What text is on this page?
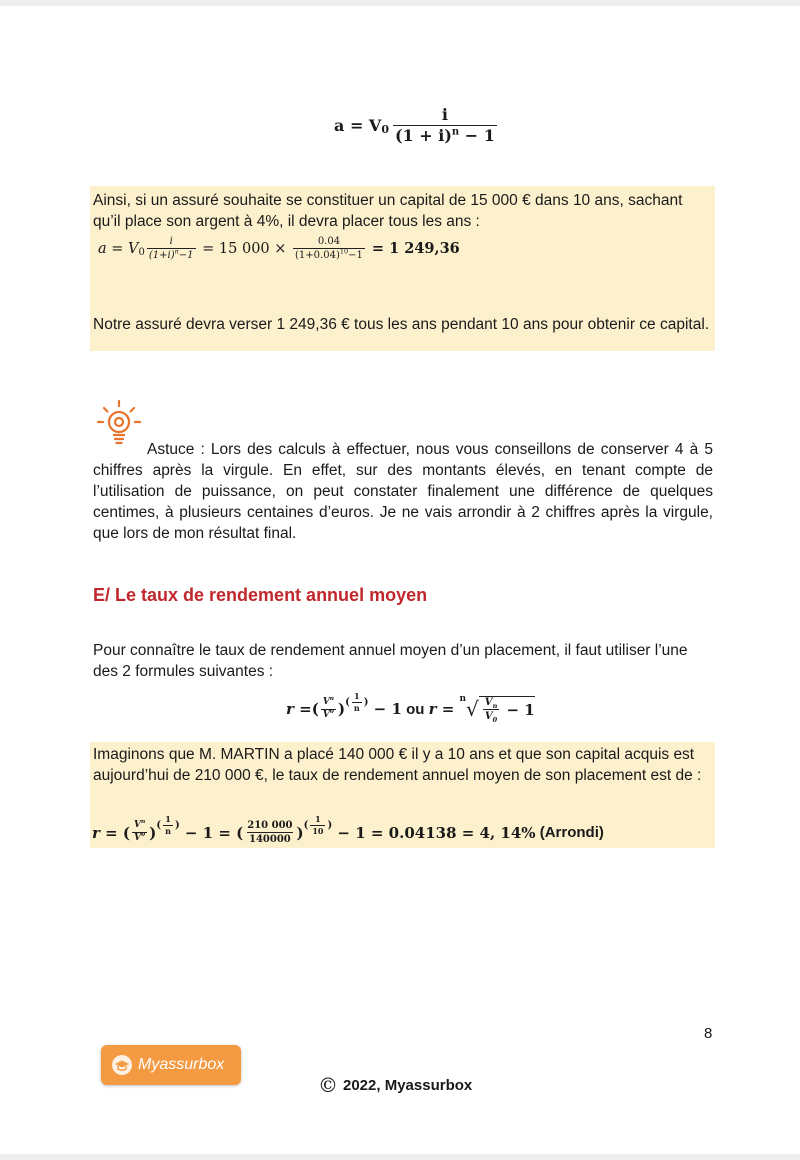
$a = V_0 \frac{i}{(1 + i)^n - 1}$
Ainsi, si un assuré souhaite se constituer un capital de 15 000 € dans 10 ans, sachant qu’il place son argent à 4%, il devra placer tous les ans :
$a = V_0 \frac{i}{(1+i)^n-1} = 15$ $000 \times \frac{0.04}{(1+0.04)^{10}-1} = 1$ 249,36
Notre assuré devra verser 1 249,36 € tous les ans pendant 10 ans pour obtenir ce capital.
Astuce : Lors des calculs à effectuer, nous vous conseillons de conserver 4 à 5 chiffres après la virgule. En effet, sur des montants élevés, en tenant compte de l’utilisation de puissance, on peut constater finalement une différence de quelques centimes, à plusieurs centaines d’euros. Je ne vais arrondir à 2 chiffres après la virgule, que lors de mon résultat final.
E/ Le taux de rendement annuel moyen
Pour connaître le taux de rendement annuel moyen d’un placement, il faut utiliser l’une des 2 formules suivantes :
r = ( $\frac{V^n}{V^0}$ ) ( $\frac{1}{n}$ ) − 1 ou r =
$^n$ √ $\frac{V_n}{V_0} - 1$
Imaginons que M. MARTIN a placé 140 000 € il y a 10 ans et que son capital acquis est aujourd’hui de 210 000 €, le taux de rendement annuel moyen de son placement est de :
r = ( $\frac{V^n}{V^0}$ ) ( $\frac{1}{n}$ ) − 1 = ( $\frac{210 000}{140000}$ ) ( $\frac{1}{10}$ ) − 1 = 0.04138 = 4, 14% (Arrondi)
8
Myassurbox
© 2022, Myassurbox
